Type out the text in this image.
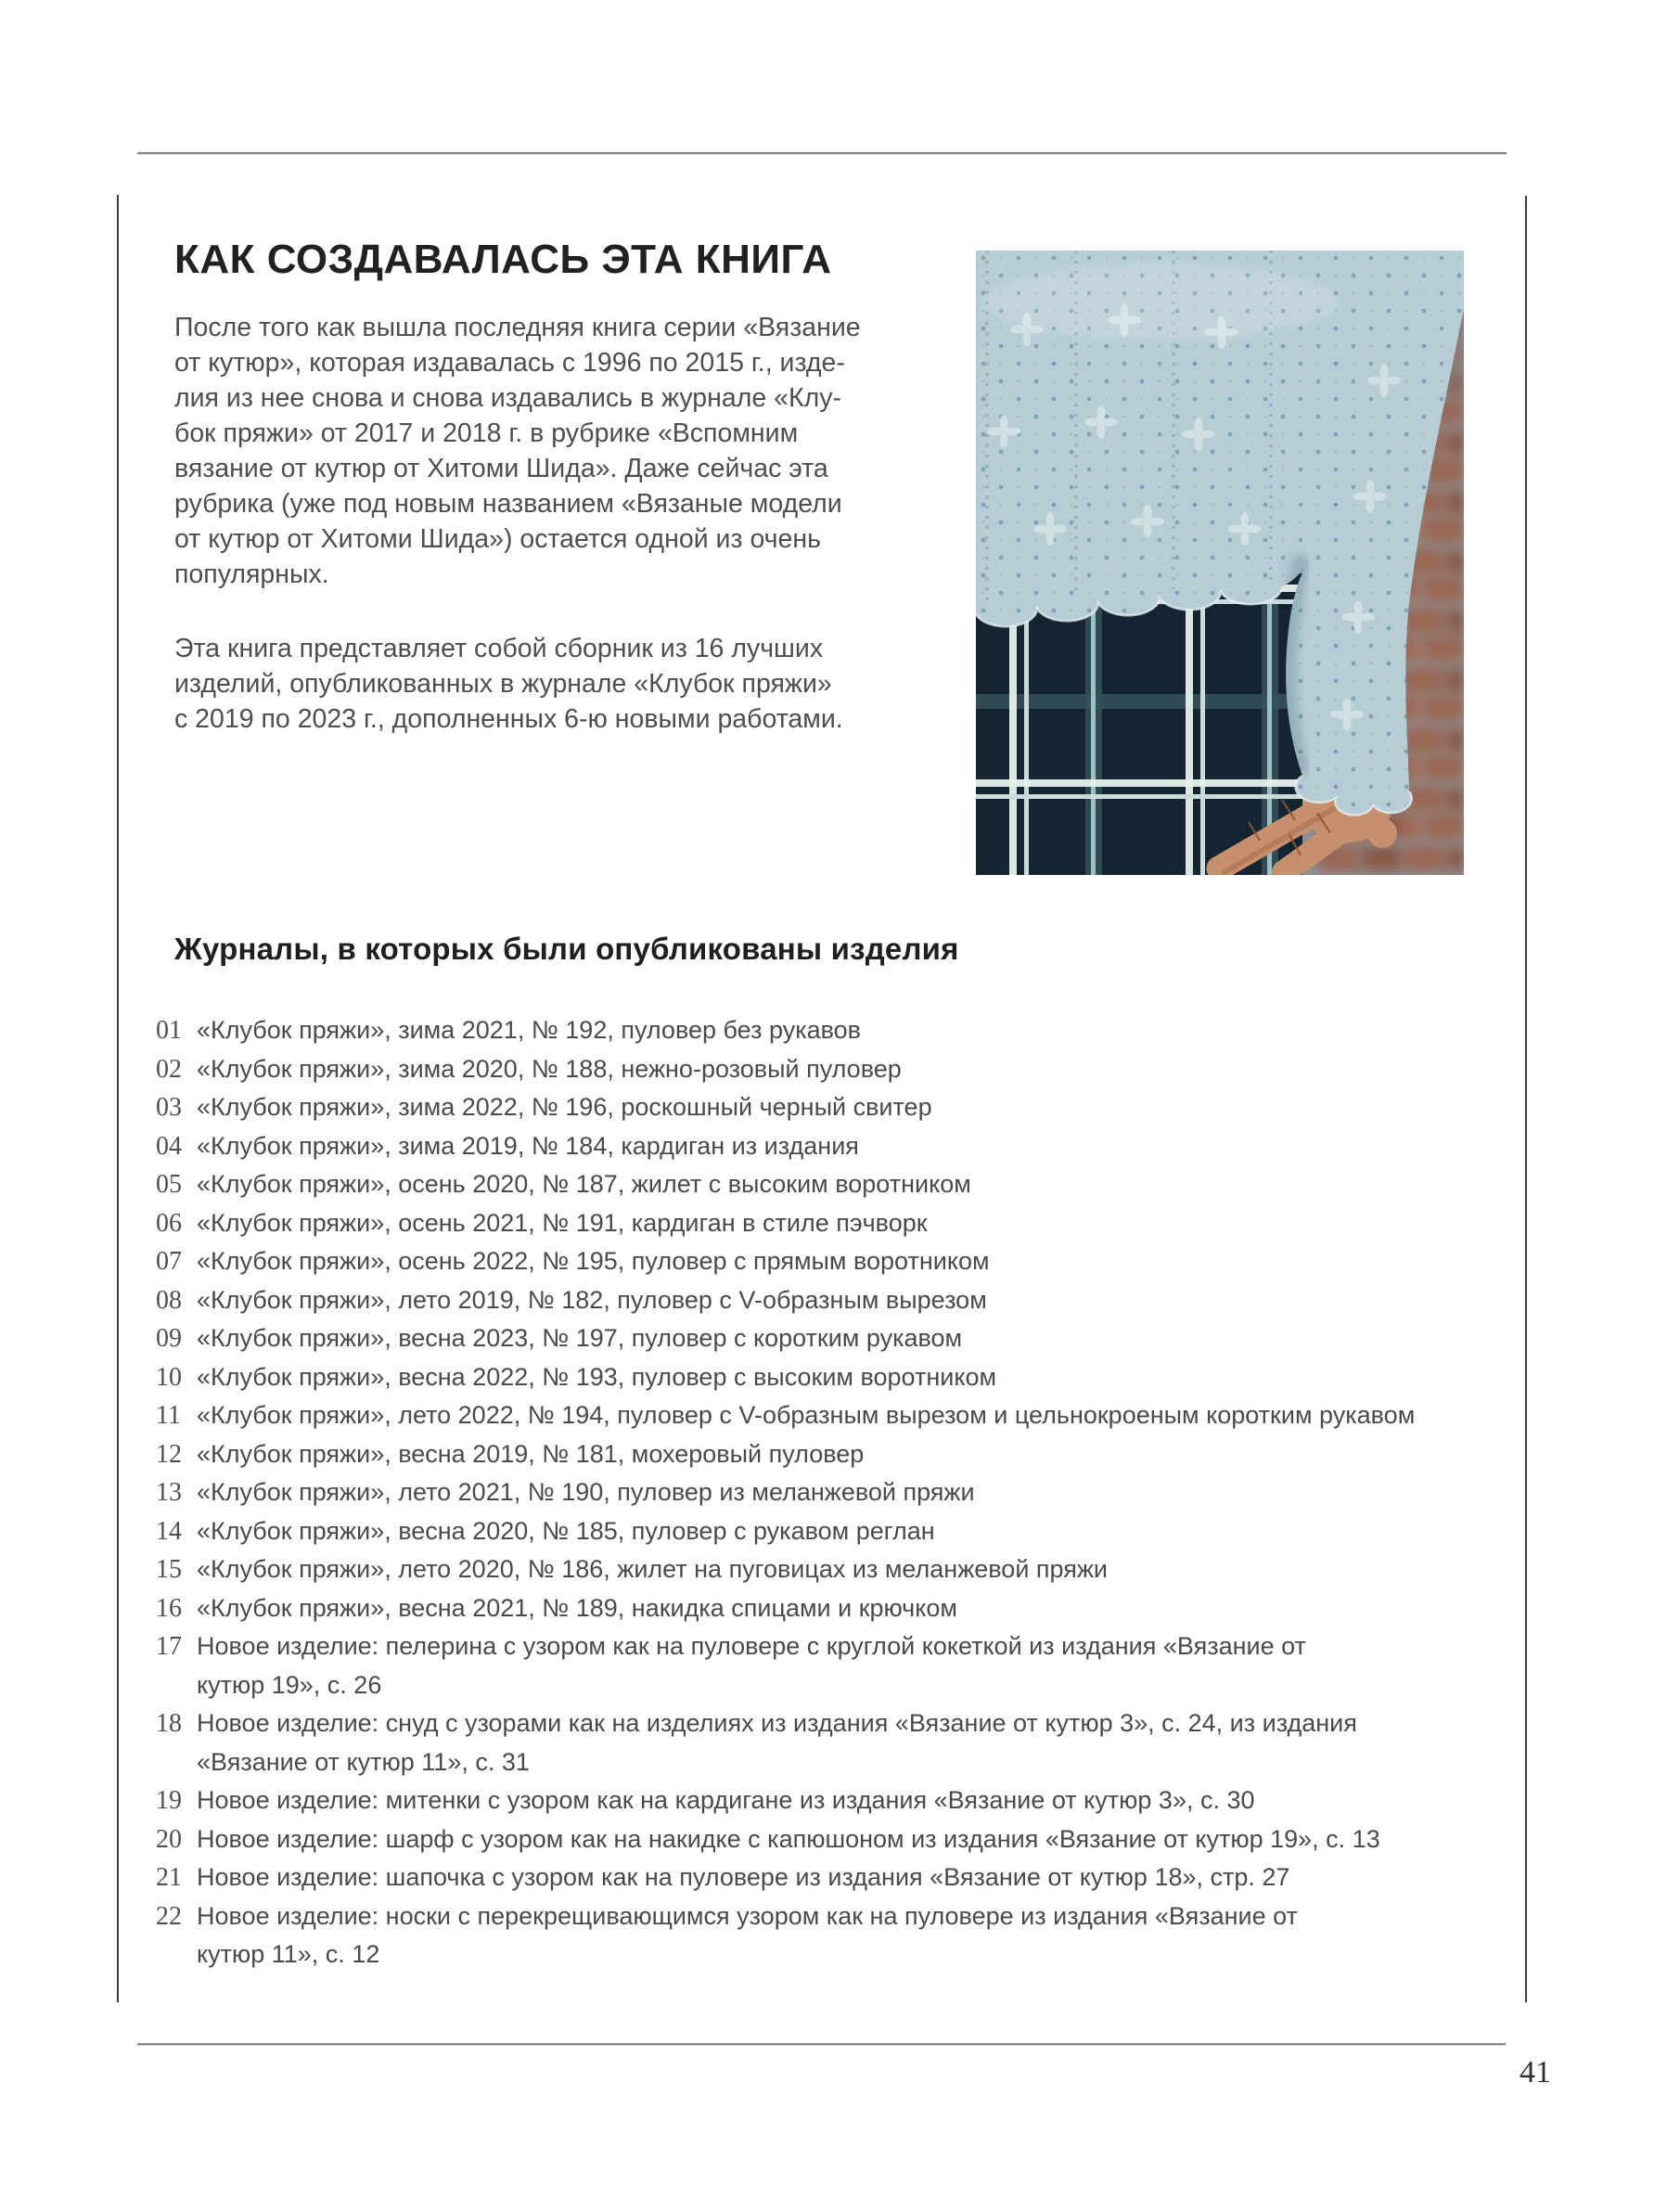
КАК СОЗДАВАЛАСЬ ЭТА КНИГА

После того как вышла последняя книга серии «Вязание
от кутюр», которая издавалась с 1996 по 2015 г., изде-
лия из нее снова и снова издавались в журнале «Клу-
бок пряжи» от 2017 и 2018 г. в рубрике «Вспомним
вязание от кутюр от Хитоми Шида». Даже сейчас эта
рубрика (уже под новым названием «Вязаные модели
от кутюр от Хитоми Шида») остается одной из очень
популярных.

Эта книга представляет собой сборник из 16 лучших
изделий, опубликованных в журнале «Клубок пряжи»
с 2019 по 2023 г., дополненных 6-ю новыми работами.

Журналы, в которых были опубликованы изделия
01 «Клубок пряжи», зима 2021, № 192, пуловер без рукавов
02 «Клубок пряжи», зима 2020, № 188, нежно-розовый пуловер
03 «Клубок пряжи», зима 2022, № 196, роскошный черный свитер
04 «Клубок пряжи», зима 2019, № 184, кардиган из издания
05 «Клубок пряжи», осень 2020, № 187, жилет с высоким воротником
06 «Клубок пряжи», осень 2021, № 191, кардиган в стиле пэчворк
07 «Клубок пряжи», осень 2022, № 195, пуловер с прямым воротником
08 «Клубок пряжи», лето 2019, № 182, пуловер с V-образным вырезом
09 «Клубок пряжи», весна 2023, № 197, пуловер с коротким рукавом
10 «Клубок пряжи», весна 2022, № 193, пуловер с высоким воротником
11 «Клубок пряжи», лето 2022, № 194, пуловер с V-образным вырезом и цельнокроеным коротким рукавом
12 «Клубок пряжи», весна 2019, № 181, мохеровый пуловер
13 «Клубок пряжи», лето 2021, № 190, пуловер из меланжевой пряжи
14 «Клубок пряжи», весна 2020, № 185, пуловер с рукавом реглан
15 «Клубок пряжи», лето 2020, № 186, жилет на пуговицах из меланжевой пряжи
16 «Клубок пряжи», весна 2021, № 189, накидка спицами и крючком
17 Новое изделие: пелерина с узором как на пуловере с круглой кокеткой из издания «Вязание от
кутюр 19», с. 26
18 Новое изделие: снуд с узорами как на изделиях из издания «Вязание от кутюр 3», с. 24, из издания
«Вязание от кутюр 11», с. 31
19 Новое изделие: митенки с узором как на кардигане из издания «Вязание от кутюр 3», с. 30
20 Новое изделие: шарф с узором как на накидке с капюшоном из издания «Вязание от кутюр 19», с. 13
21 Новое изделие: шапочка с узором как на пуловере из издания «Вязание от кутюр 18», стр. 27
22 Новое изделие: носки с перекрещивающимся узором как на пуловере из издания «Вязание от
кутюр 11», с. 12
41
